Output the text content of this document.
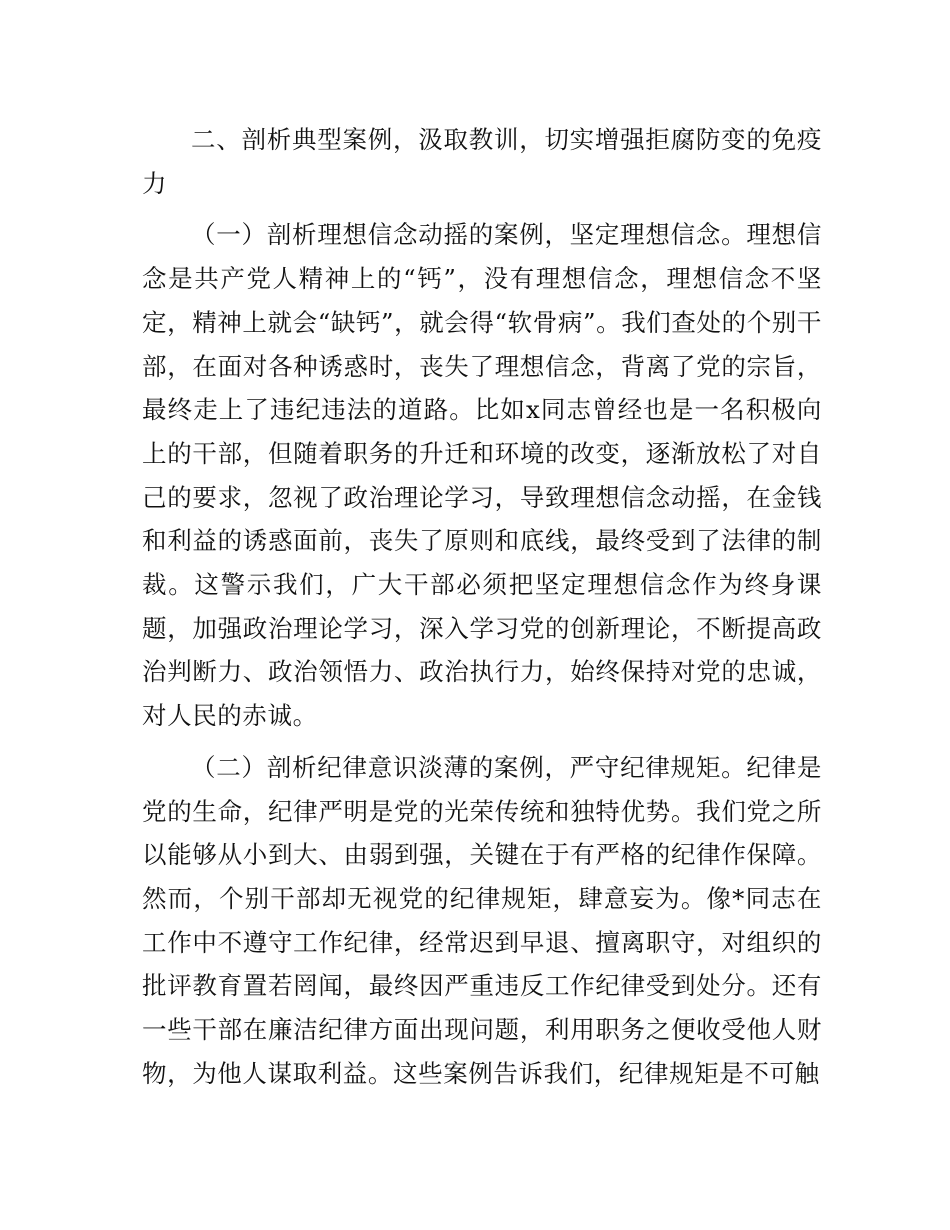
二、剖析典型案例，汲取教训，切实增强拒腐防变的免疫力

（一）剖析理想信念动摇的案例，坚定理想信念。理想信念是共产党人精神上的“钙”，没有理想信念，理想信念不坚定，精神上就会“缺钙”，就会得“软骨病”。我们查处的个别干部，在面对各种诱惑时，丧失了理想信念，背离了党的宗旨，最终走上了违纪违法的道路。比如x同志曾经也是一名积极向上的干部，但随着职务的升迁和环境的改变，逐渐放松了对自己的要求，忽视了政治理论学习，导致理想信念动摇，在金钱和利益的诱惑面前，丧失了原则和底线，最终受到了法律的制裁。这警示我们，广大干部必须把坚定理想信念作为终身课题，加强政治理论学习，深入学习党的创新理论，不断提高政治判断力、政治领悟力、政治执行力，始终保持对党的忠诚，对人民的赤诚。

（二）剖析纪律意识淡薄的案例，严守纪律规矩。纪律是党的生命，纪律严明是党的光荣传统和独特优势。我们党之所以能够从小到大、由弱到强，关键在于有严格的纪律作保障。然而，个别干部却无视党的纪律规矩，肆意妄为。像*同志在工作中不遵守工作纪律，经常迟到早退、擅离职守，对组织的批评教育置若罔闻，最终因严重违反工作纪律受到处分。还有一些干部在廉洁纪律方面出现问题，利用职务之便收受他人财物，为他人谋取利益。这些案例告诉我们，纪律规矩是不可触
